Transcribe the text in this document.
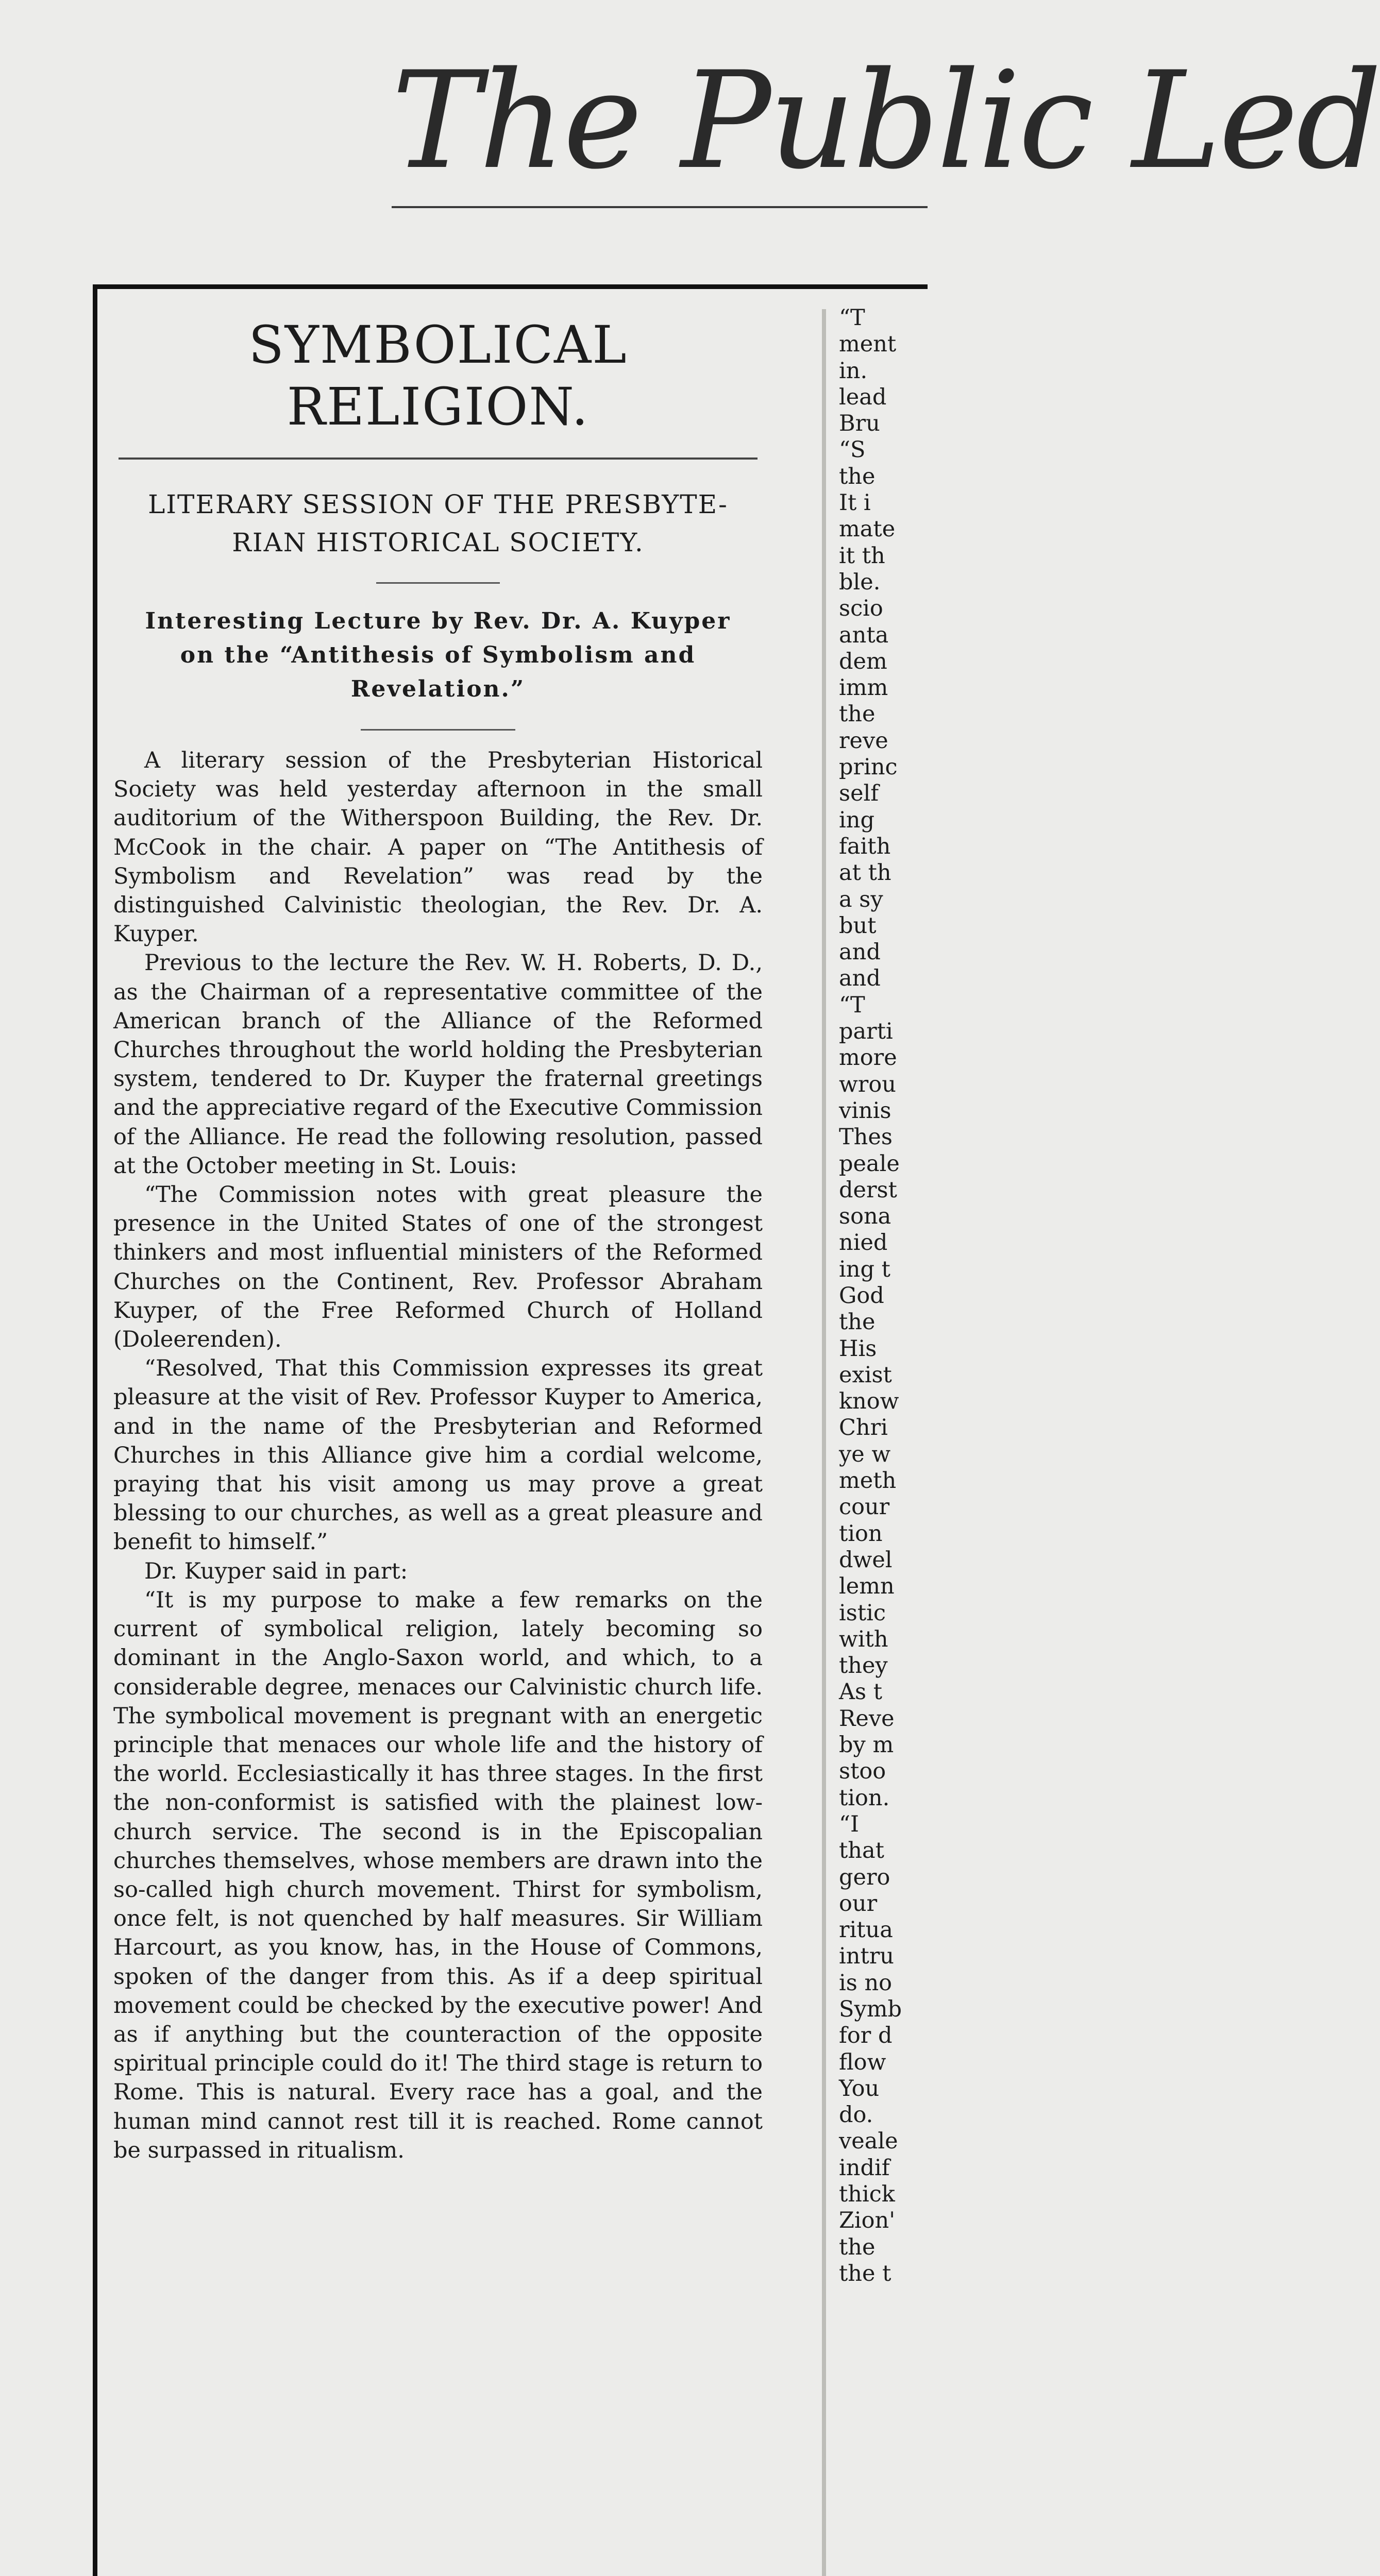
The Public Led
SYMBOLICAL RELIGION.
LITERARY SESSION OF THE PRESBYTE-RIAN HISTORICAL SOCIETY.
Interesting Lecture by Rev. Dr. A. Kuyper on the “Antithesis of Symbolism and Revelation.”

A literary session of the Presbyterian Historical Society was held yesterday afternoon in the small auditorium of the Witherspoon Building, the Rev. Dr. McCook in the chair. A paper on “The Antithesis of Symbolism and Revelation” was read by the distinguished Calvinistic theologian, the Rev. Dr. A. Kuyper.

Previous to the lecture the Rev. W. H. Roberts, D. D., as the Chairman of a representative committee of the American branch of the Alliance of the Reformed Churches throughout the world holding the Presbyterian system, tendered to Dr. Kuyper the fraternal greetings and the appreciative regard of the Executive Commission of the Alliance. He read the following resolution, passed at the October meeting in St. Louis:

“The Commission notes with great pleasure the presence in the United States of one of the strongest thinkers and most influential ministers of the Reformed Churches on the Continent, Rev. Professor Abraham Kuyper, of the Free Reformed Church of Holland (Doleerenden).

“Resolved, That this Commission expresses its great pleasure at the visit of Rev. Professor Kuyper to America, and in the name of the Presbyterian and Reformed Churches in this Alliance give him a cordial welcome, praying that his visit among us may prove a great blessing to our churches, as well as a great pleasure and benefit to himself.”

Dr. Kuyper said in part:

“It is my purpose to make a few remarks on the current of symbolical religion, lately becoming so dominant in the Anglo-Saxon world, and which, to a considerable degree, menaces our Calvinistic church life. The symbolical movement is pregnant with an energetic principle that menaces our whole life and the history of the world. Ecclesiastically it has three stages. In the first the non-conformist is satisfied with the plainest low-church service. The second is in the Episcopalian churches themselves, whose members are drawn into the so-called high church movement. Thirst for symbolism, once felt, is not quenched by half measures. Sir William Harcourt, as you know, has, in the House of Commons, spoken of the danger from this. As if a deep spiritual movement could be checked by the executive power! And as if anything but the counteraction of the opposite spiritual principle could do it! The third stage is return to Rome. This is natural. Every race has a goal, and the human mind cannot rest till it is reached. Rome cannot be surpassed in ritualism.

“T
ment
in.
lead
Bru
“S
the
It i
mate
it th
ble.
scio
anta
dem
imm
the
reve
princ
self
ing
faith
at th
a sy
but
and
and
“T
parti
more
wrou
vinis
Thes
peale
derst
sona
nied
ing t
God
the
His
exist
know
Chri
ye w
meth
cour
tion
dwel
lemn
istic
with
they
As t
Reve
by m
stoo
tion.
“I
that
gero
our
ritua
intru
is no
Symb
for d
flow
You
do.
veale
indif
thick
Zion'
the
the t
